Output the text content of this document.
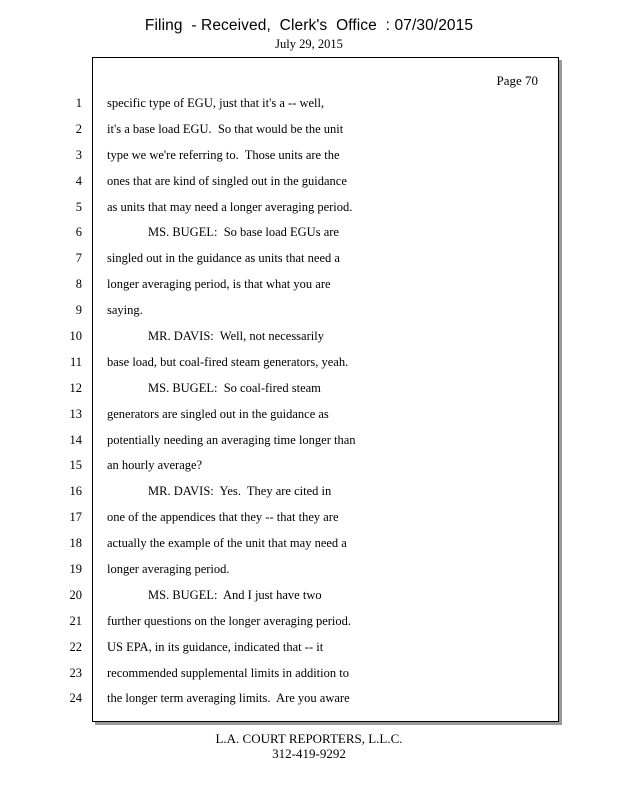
Filing  - Received,  Clerk's  Office  : 07/30/2015
July 29, 2015
Page 70
1
2
3
4
5
6
7
8
9
10
11
12
13
14
15
16
17
18
19
20
21
22
23
24
specific type of EGU, just that it's a -- well,
it's a base load EGU.  So that would be the unit
type we we're referring to.  Those units are the
ones that are kind of singled out in the guidance
as units that may need a longer averaging period.
MS. BUGEL:  So base load EGUs are
singled out in the guidance as units that need a
longer averaging period, is that what you are
saying.
MR. DAVIS:  Well, not necessarily
base load, but coal-fired steam generators, yeah.
MS. BUGEL:  So coal-fired steam
generators are singled out in the guidance as
potentially needing an averaging time longer than
an hourly average?
MR. DAVIS:  Yes.  They are cited in
one of the appendices that they -- that they are
actually the example of the unit that may need a
longer averaging period.
MS. BUGEL:  And I just have two
further questions on the longer averaging period.
US EPA, in its guidance, indicated that -- it
recommended supplemental limits in addition to
the longer term averaging limits.  Are you aware
L.A. COURT REPORTERS, L.L.C.
312-419-9292
